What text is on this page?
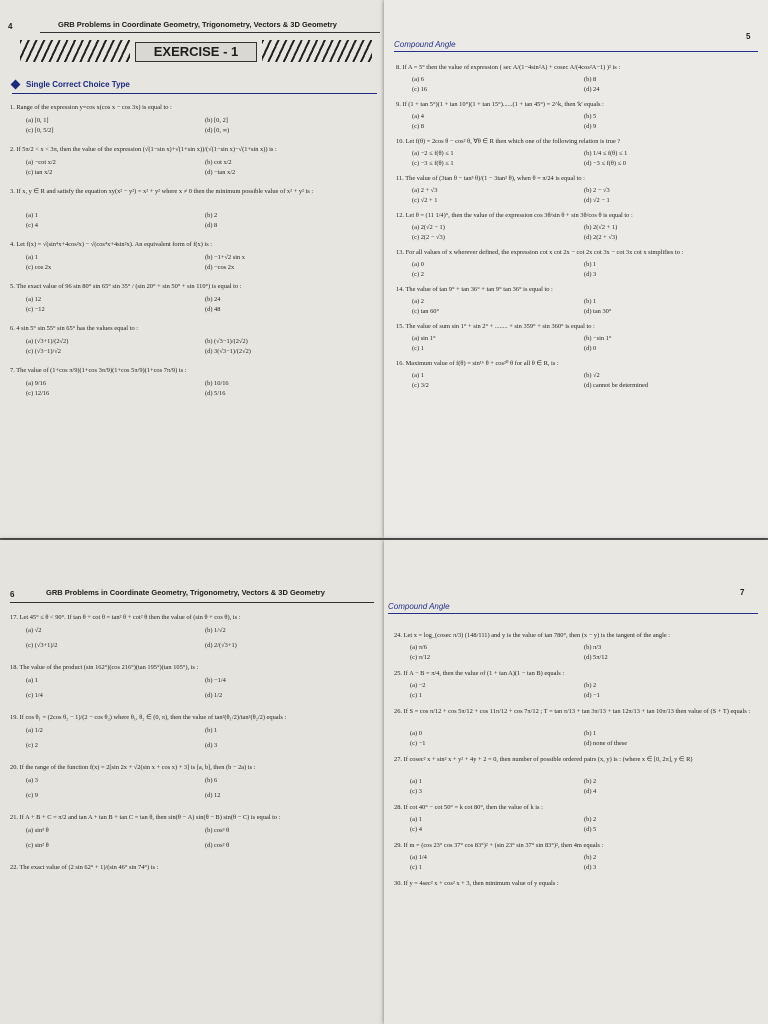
4	GRB Problems in Coordinate Geometry, Trigonometry, Vectors & 3D Geometry
EXERCISE - 1
Single Correct Choice Type
1. Range of the expression y=cos x(cos x − cos 3x) is equal to :
(a) [0, 1]	(b) [0, 2]
(c) [0, 5/2]	(d) [0, ∞)
2. If 5π/2 < x < 3π, then the value of the expression (√(1−sin x)+√(1+sin x))/(√(1−sin x)−√(1+sin x)) is :
(a) −cot x/2	(b) cot x/2
(c) tan x/2	(d) −tan x/2
3. If x, y ∈ R and satisfy the equation xy(x² − y²) = x² + y² where x ≠ 0 then the minimum possible value of x² + y² is :
(a) 1	(b) 2
(c) 4	(d) 8
4. Let f(x) = √(sin⁴x+4cos²x) − √(cos⁴x+4sin²x). An equivalent form of f(x) is :
(a) 1	(b) −1+√2 sin x
(c) cos 2x	(d) −cos 2x
5. The exact value of 96 sin 80° sin 65° sin 35° / (sin 20° + sin 50° + sin 110°) is equal to :
(a) 12	(b) 24
(c) −12	(d) 48
6. 4 sin 5° sin 55° sin 65° has the values equal to :
(a) (√3+1)/(2√2)	(b) (√3−1)/(2√2)
(c) (√3−1)/√2	(d) 3(√3−1)/(2√2)
7. The value of (1+cos π/9)(1+cos 3π/9)(1+cos 5π/9)(1+cos 7π/9) is :
(a) 9/16	(b) 10/16
(c) 12/16	(d) 5/16
Compound Angle
5
8. If A = 5° then the value of expression ( sec A/(1−4sin²A) + cosec A/(4cos²A−1) )² is :
(a) 6	(b) 8
(c) 16	(d) 24
9. If (1 + tan 5°)(1 + tan 10°)(1 + tan 15°)......(1 + tan 45°) = 2^k, then 'k' equals :
(a) 4	(b) 5
(c) 8	(d) 9
10. Let f(θ) = 2cos θ − cos² θ, ∀θ ∈ R then which one of the following relation is true ?
(a) −2 ≤ f(θ) ≤ 1	(b) 1/4 ≤ f(θ) ≤ 1
(c) −3 ≤ f(θ) ≤ 1	(d) −3 ≤ f(θ) ≤ 0
11. The value of (3tan θ − tan³ θ)/(1 − 3tan² θ), when θ = π/24 is equal to :
(a) 2 + √3	(b) 2 − √3
(c) √2 + 1	(d) √2 − 1
12. Let θ = (11 1/4)°, then the value of the expression cos 3θ/sin θ + sin 3θ/cos θ is equal to :
(a) 2(√2 − 1)	(b) 2(√2 + 1)
(c) 2(2 − √3)	(d) 2(2 + √3)
13. For all values of x wherever defined, the expression cot x cot 2x − cot 2x cot 3x − cot 3x cot x simplifies to :
(a) 0	(b) 1
(c) 2	(d) 3
14. The value of tan 9° + tan 36° + tan 9° tan 36° is equal to :
(a) 2	(b) 1
(c) tan 60°	(d) tan 30°
15. The value of sum sin 1° + sin 2° + ........ + sin 359° + sin 360° is equal to :
(a) sin 1°	(b) −sin 1°
(c) 1	(d) 0
16. Maximum value of f(θ) = sin¹⁶ θ + cos²⁰ θ for all θ ∈ R, is :
(a) 1	(b) √2
(c) 3/2	(d) cannot be determined
6	GRB Problems in Coordinate Geometry, Trigonometry, Vectors & 3D Geometry
17. Let 45° ≤ θ < 90°. If tan θ + cot θ = tan² θ + cot² θ then the value of (sin θ + cos θ), is :
(a) √2	(b) 1/√2
(c) (√3+1)/2	(d) 2/(√3+1)
18. The value of the product (sin 162°)(cos 216°)(tan 195°)(tan 105°), is :
(a) 1	(b) −1/4
(c) 1/4	(d) 1/2
19. If cos θ₁ = (2cos θ₂ − 1)/(2 − cos θ₂) where θ₁, θ₂ ∈ (0, π), then the value of tan²(θ₁/2)/tan²(θ₂/2) equals :
(a) 1/2	(b) 1
(c) 2	(d) 3
20. If the range of the function f(x) = 2[sin 2x + √2(sin x + cos x) + 3] is [a, b], then (b − 2a) is :
(a) 3	(b) 6
(c) 9	(d) 12
21. If A + B + C = π/2 and tan A + tan B + tan C = tan θ, then sin(θ − A) sin(θ − B) sin(θ − C) is equal to :
(a) sin³ θ	(b) cos³ θ
(c) sin² θ	(d) cos² θ
22. The exact value of (2 sin 62° + 1)/(sin 46° sin 74°) is :
Compound Angle
7
24. Let x = log_(cosec π/3) (148/111) and y is the value of tan 780°, then (x − y) is the tangent of the angle :
(a) π/6	(b) π/3
(c) π/12	(d) 5π/12
25. If A − B = π/4, then the value of (1 + tan A)(1 − tan B) equals :
(a) −2	(b) 2
(c) 1	(d) −1
26. If S = cos π/12 + cos 5π/12 + cos 11π/12 + cos 7π/12 ; T = tan π/13 + tan 3π/13 + tan 12π/13 + tan 10π/13 then value of (S + T) equals :
(a) 0	(b) 1
(c) −1	(d) none of these
27. If cosec² x + sin² x + y² + 4y + 2 = 0, then number of possible ordered pairs (x, y) is : (where x ∈ [0, 2π], y ∈ R)
(a) 1	(b) 2
(c) 3	(d) 4
28. If cot 40° − cot 50° = k cot 80°, then the value of k is :
(a) 1	(b) 2
(c) 4	(d) 5
29. If m = (cos 23° cos 37° cos 83°)² + (sin 23° sin 37° sin 83°)², then 4m equals :
(a) 1/4	(b) 2
(c) 1	(d) 3
30. If y = 4sec² x + cos² x + 3, then minimum value of y equals :
